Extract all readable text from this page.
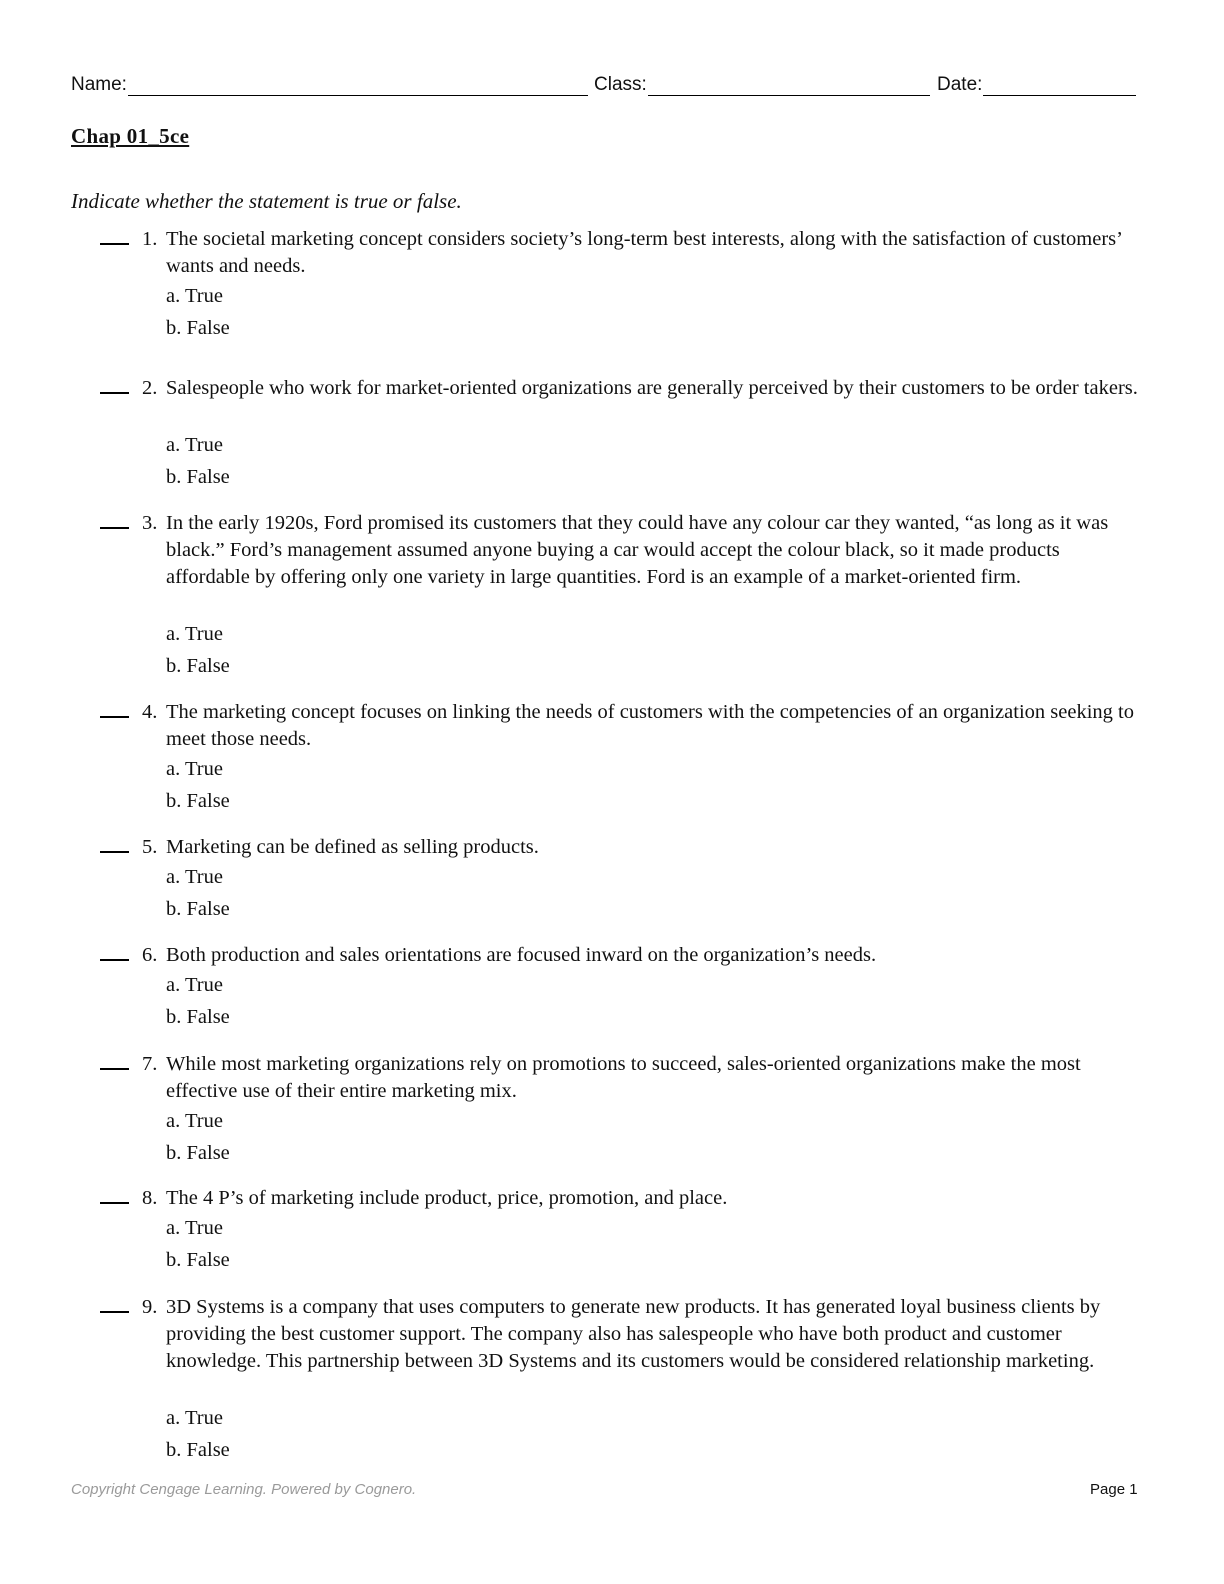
Name:	Class:	Date:
Chap 01_5ce
Indicate whether the statement is true or false.
1. The societal marketing concept considers society’s long-term best interests, along with the satisfaction of customers’ wants and needs.
a. True
b. False
2. Salespeople who work for market-oriented organizations are generally perceived by their customers to be order takers.
a. True
b. False
3. In the early 1920s, Ford promised its customers that they could have any colour car they wanted, “as long as it was black.” Ford’s management assumed anyone buying a car would accept the colour black, so it made products affordable by offering only one variety in large quantities. Ford is an example of a market-oriented firm.
a. True
b. False
4. The marketing concept focuses on linking the needs of customers with the competencies of an organization seeking to meet those needs.
a. True
b. False
5. Marketing can be defined as selling products.
a. True
b. False
6. Both production and sales orientations are focused inward on the organization’s needs.
a. True
b. False
7. While most marketing organizations rely on promotions to succeed, sales-oriented organizations make the most effective use of their entire marketing mix.
a. True
b. False
8. The 4 P’s of marketing include product, price, promotion, and place.
a. True
b. False
9. 3D Systems is a company that uses computers to generate new products. It has generated loyal business clients by providing the best customer support. The company also has salespeople who have both product and customer knowledge. This partnership between 3D Systems and its customers would be considered relationship marketing.
a. True
b. False
Copyright Cengage Learning. Powered by Cognero.	Page 1
